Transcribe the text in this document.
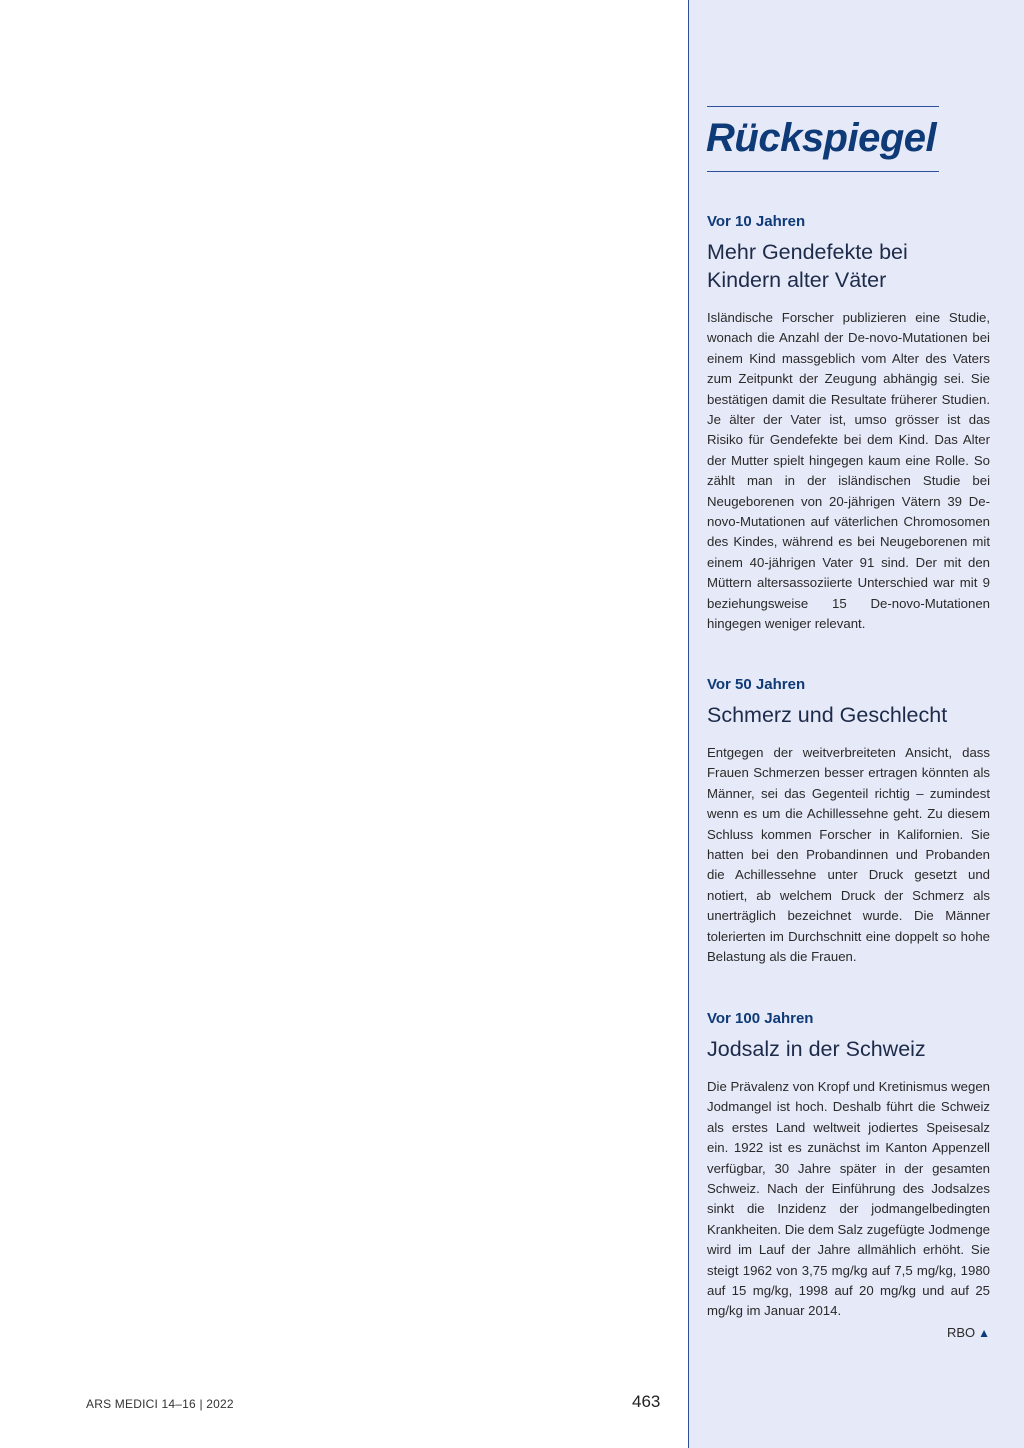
Rückspiegel

Vor 10 Jahren

Mehr Gendefekte bei
Kindern alter Väter

Isländische Forscher publizieren eine Studie, wonach die Anzahl der De-novo-Mutationen bei einem Kind massgeblich vom Alter des Vaters zum Zeitpunkt der Zeugung abhängig sei. Sie bestätigen damit die Resultate früherer Studien. Je älter der Vater ist, umso grösser ist das Risiko für Gendefekte bei dem Kind. Das Alter der Mutter spielt hingegen kaum eine Rolle. So zählt man in der isländischen Studie bei Neugeborenen von 20-jährigen Vätern 39 De-novo-Mutationen auf väterlichen Chromosomen des Kindes, während es bei Neugeborenen mit einem 40-jährigen Vater 91 sind. Der mit den Müttern altersassoziierte Unterschied war mit 9 beziehungsweise 15 De-novo-Mutationen hingegen weniger relevant.

Vor 50 Jahren

Schmerz und Geschlecht

Entgegen der weitverbreiteten Ansicht, dass Frauen Schmerzen besser ertragen könnten als Männer, sei das Gegenteil richtig – zumindest wenn es um die Achillessehne geht. Zu diesem Schluss kommen Forscher in Kalifornien. Sie hatten bei den Probandinnen und Probanden die Achillessehne unter Druck gesetzt und notiert, ab welchem Druck der Schmerz als unerträglich bezeichnet wurde. Die Männer tolerierten im Durchschnitt eine doppelt so hohe Belastung als die Frauen.

Vor 100 Jahren

Jodsalz in der Schweiz

Die Prävalenz von Kropf und Kretinismus wegen Jodmangel ist hoch. Deshalb führt die Schweiz als erstes Land weltweit jodiertes Speisesalz ein. 1922 ist es zunächst im Kanton Appenzell verfügbar, 30 Jahre später in der gesamten Schweiz. Nach der Einführung des Jodsalzes sinkt die Inzidenz der jodmangelbedingten Krankheiten. Die dem Salz zugefügte Jodmenge wird im Lauf der Jahre allmählich erhöht. Sie steigt 1962 von 3,75 mg/kg auf 7,5 mg/kg, 1980 auf 15 mg/kg, 1998 auf 20 mg/kg und auf 25 mg/kg im Januar 2014.

RBO ▲
ARS MEDICI 14–16 | 2022	463
